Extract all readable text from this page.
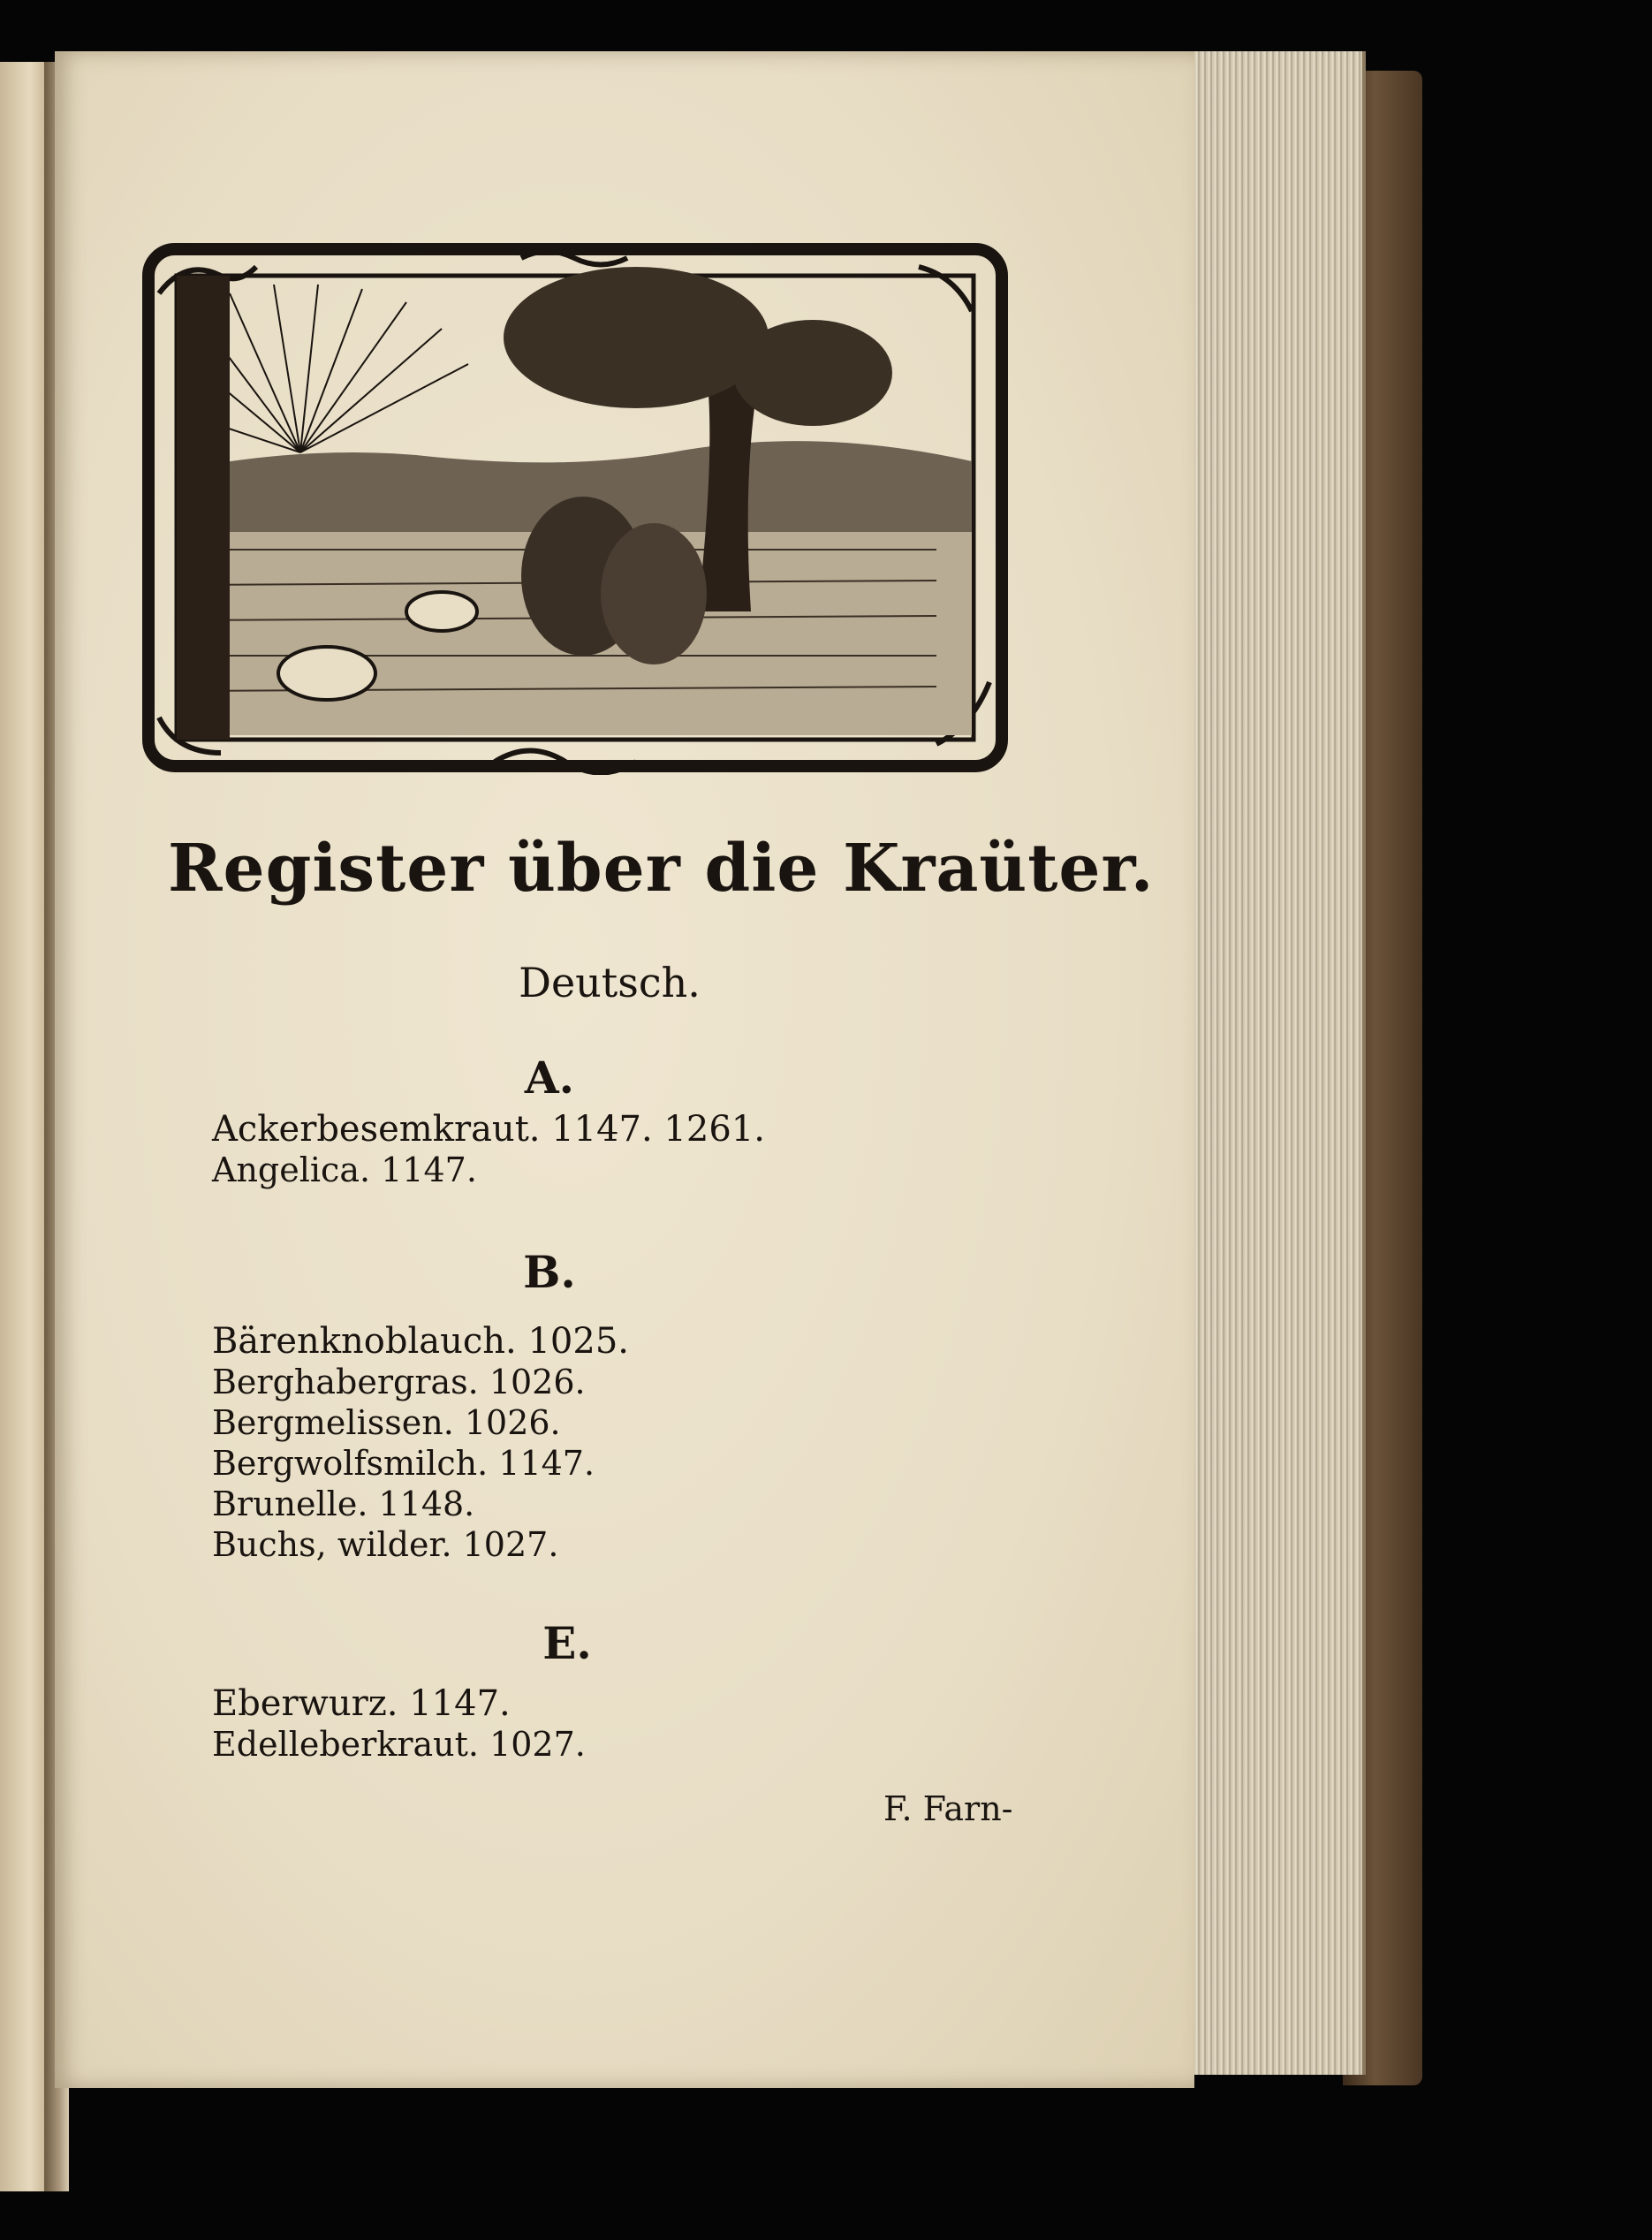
Register über die Kraüter.
Deutsch.
A.
Ackerbesemkraut. 1147. 1261.
Angelica. 1147.
B.
Bärenknoblauch. 1025.
Berghabergras. 1026.
Bergmelissen. 1026.
Bergwolfsmilch. 1147.
Brunelle. 1148.
Buchs, wilder. 1027.
E.
Eberwurz. 1147.
Edelleberkraut. 1027.
F. Farn-
